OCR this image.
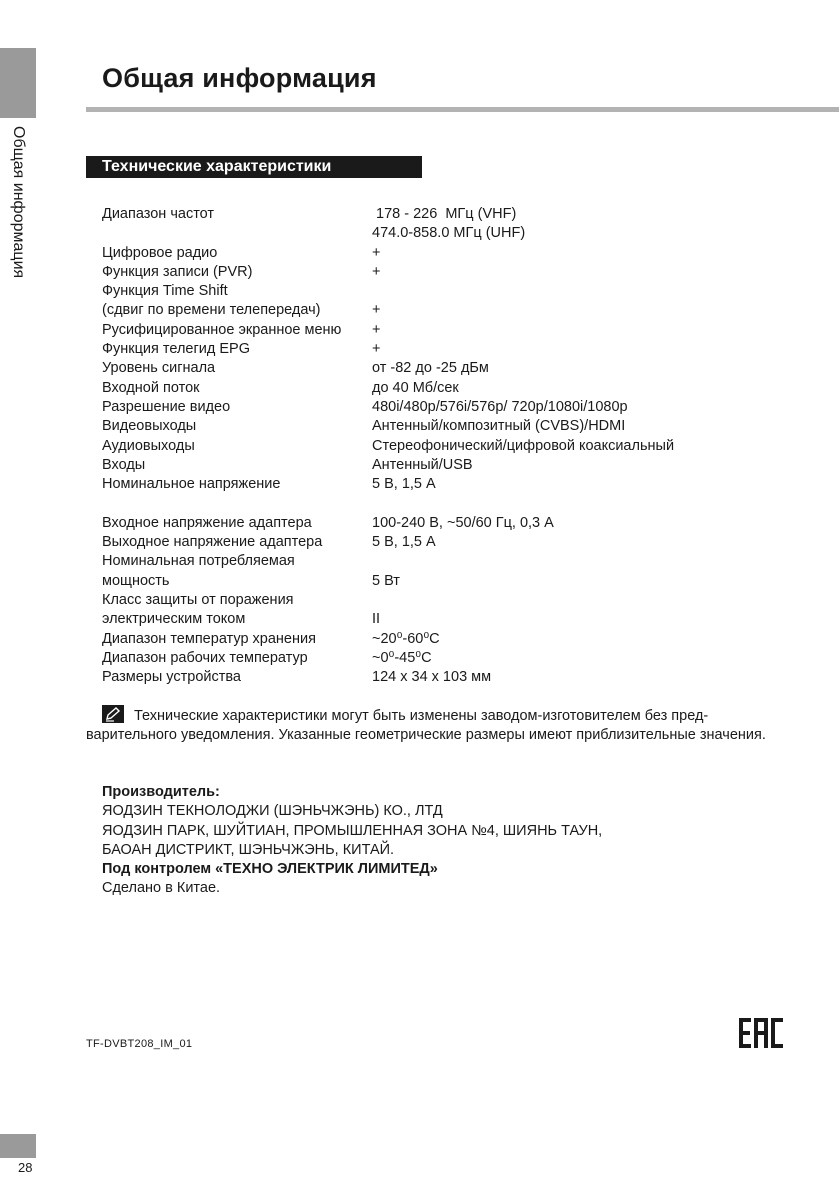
Общая информация
Общая информация
Технические характеристики
Диапазон частот	178 - 226  МГц (VHF)
474.0-858.0 МГц (UHF)
Цифровое радио	+
Функция записи (PVR)	+
Функция Time Shift
(сдвиг по времени телепередач)	+
Русифицированное экранное меню	+
Функция телегид EPG	+
Уровень сигнала	от -82 до -25 дБм
Входной поток	до 40 Мб/сек
Разрешение видео	480i/480p/576i/576p/ 720p/1080i/1080p
Видеовыходы	Антенный/композитный (CVBS)/HDMI
Аудиовыходы	Стереофонический/цифровой коаксиальный
Входы	Антенный/USB
Номинальное напряжение	5 В, 1,5 А
Входное напряжение адаптера	100-240 В, ~50/60 Гц, 0,3 А
Выходное напряжение адаптера	5 В, 1,5 А
Номинальная потребляемая
мощность	5 Вт
Класс защиты от поражения
электрическим током	II
Диапазон температур хранения	~20⁰-60⁰С
Диапазон рабочих температур	~0⁰-45⁰С
Размеры устройства	124 х 34 х 103 мм

Технические характеристики могут быть изменены заводом-изготовителем без пред-варительного уведомления. Указанные геометрические размеры имеют приблизительные значения.

Производитель:
ЯОДЗИН ТЕКНОЛОДЖИ (ШЭНЬЧЖЭНЬ) КО., ЛТД
ЯОДЗИН ПАРК, ШУЙТИАН, ПРОМЫШЛЕННАЯ ЗОНА №4, ШИЯНЬ ТАУН,
БАОАН ДИСТРИКТ, ШЭНЬЧЖЭНЬ, КИТАЙ.
Под контролем «ТЕХНО ЭЛЕКТРИК ЛИМИТЕД»
Сделано в Китае.
TF-DVBT208_IM_01
28
